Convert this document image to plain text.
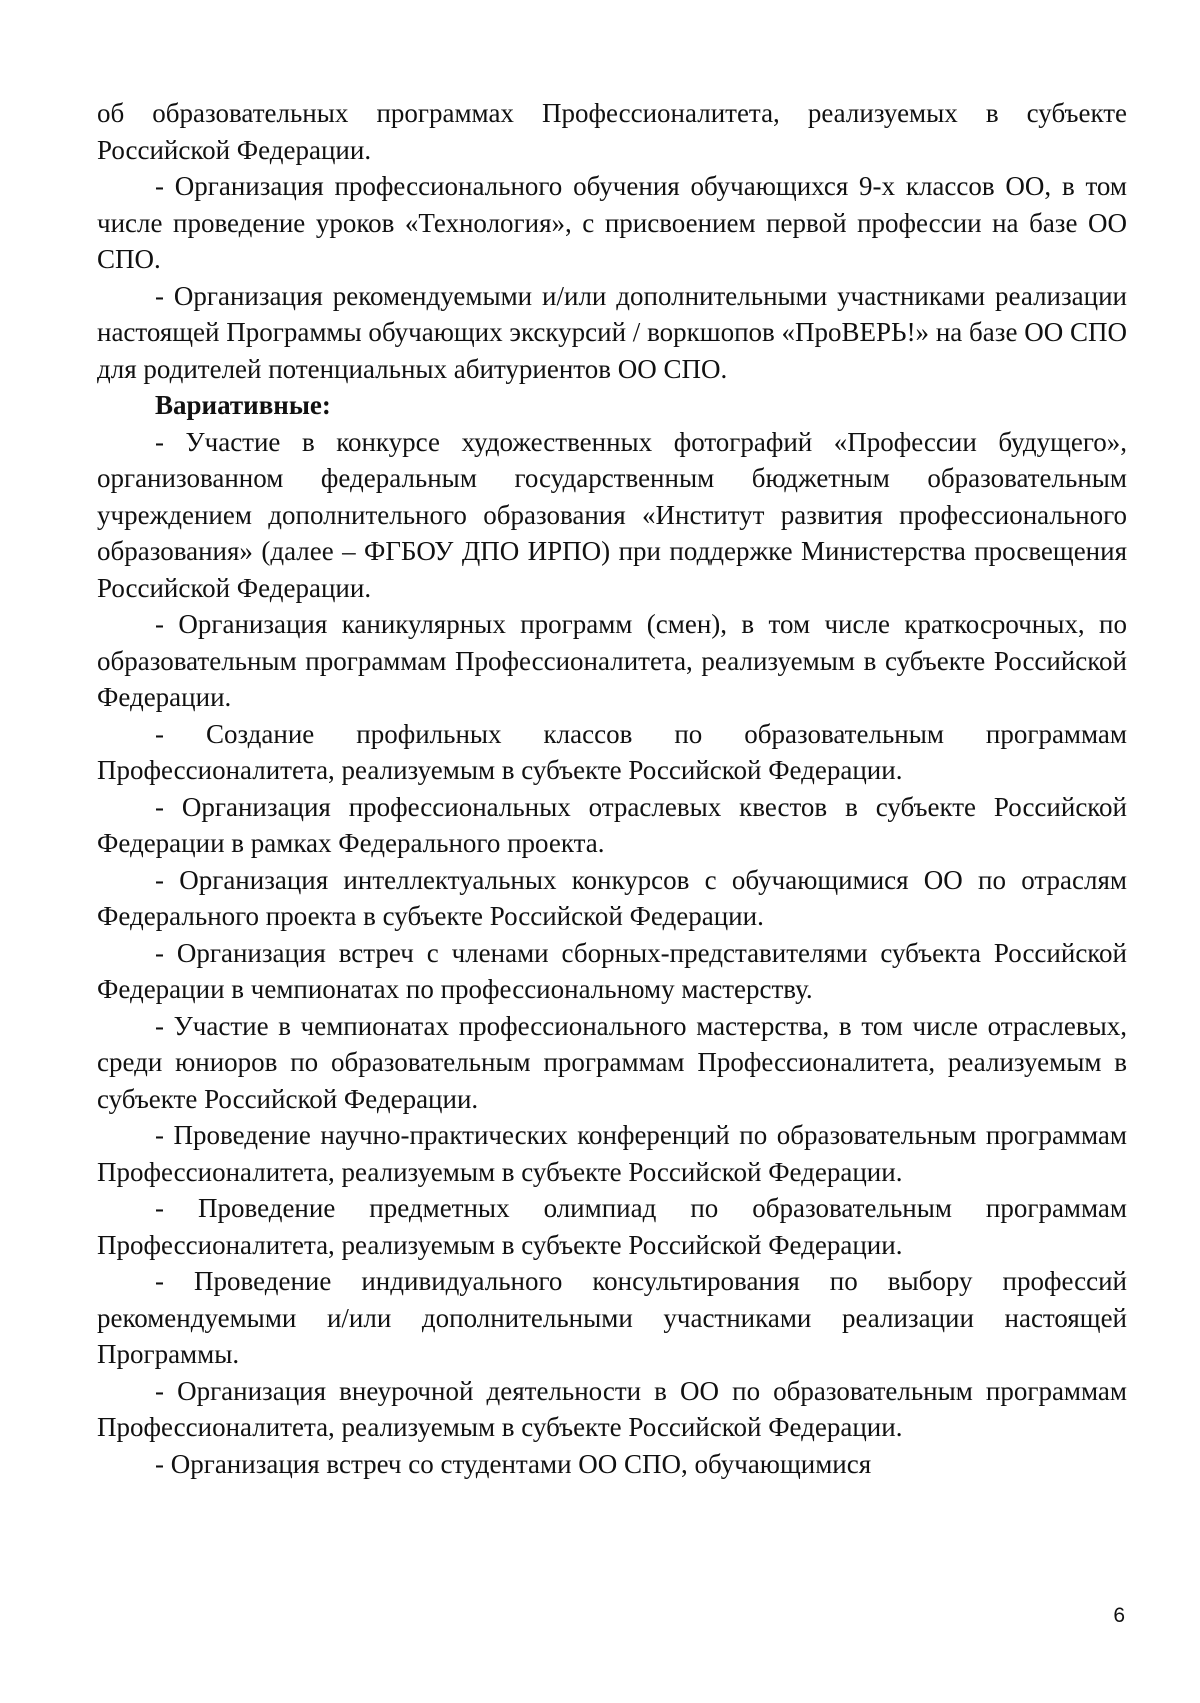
об образовательных программах Профессионалитета, реализуемых в субъекте Российской Федерации.

- Организация профессионального обучения обучающихся 9-х классов ОО, в том числе проведение уроков «Технология», с присвоением первой профессии на базе ОО СПО.

- Организация рекомендуемыми и/или дополнительными участниками реализации настоящей Программы обучающих экскурсий / воркшопов «ПроВЕРЬ!» на базе ОО СПО для родителей потенциальных абитуриентов ОО СПО.

Вариативные:

- Участие в конкурсе художественных фотографий «Профессии будущего», организованном федеральным государственным бюджетным образовательным учреждением дополнительного образования «Институт развития профессионального образования» (далее – ФГБОУ ДПО ИРПО) при поддержке Министерства просвещения Российской Федерации.

- Организация каникулярных программ (смен), в том числе краткосрочных, по образовательным программам Профессионалитета, реализуемым в субъекте Российской Федерации.

- Создание профильных классов по образовательным программам Профессионалитета, реализуемым в субъекте Российской Федерации.

- Организация профессиональных отраслевых квестов в субъекте Российской Федерации в рамках Федерального проекта.

- Организация интеллектуальных конкурсов с обучающимися ОО по отраслям Федерального проекта в субъекте Российской Федерации.

- Организация встреч с членами сборных-представителями субъекта Российской Федерации в чемпионатах по профессиональному мастерству.

- Участие в чемпионатах профессионального мастерства, в том числе отраслевых, среди юниоров по образовательным программам Профессионалитета, реализуемым в субъекте Российской Федерации.

- Проведение научно-практических конференций по образовательным программам Профессионалитета, реализуемым в субъекте Российской Федерации.

- Проведение предметных олимпиад по образовательным программам Профессионалитета, реализуемым в субъекте Российской Федерации.

- Проведение индивидуального консультирования по выбору профессий рекомендуемыми и/или дополнительными участниками реализации настоящей Программы.

- Организация внеурочной деятельности в ОО по образовательным программам Профессионалитета, реализуемым в субъекте Российской Федерации.

- Организация встреч со студентами ОО СПО, обучающимися

6
